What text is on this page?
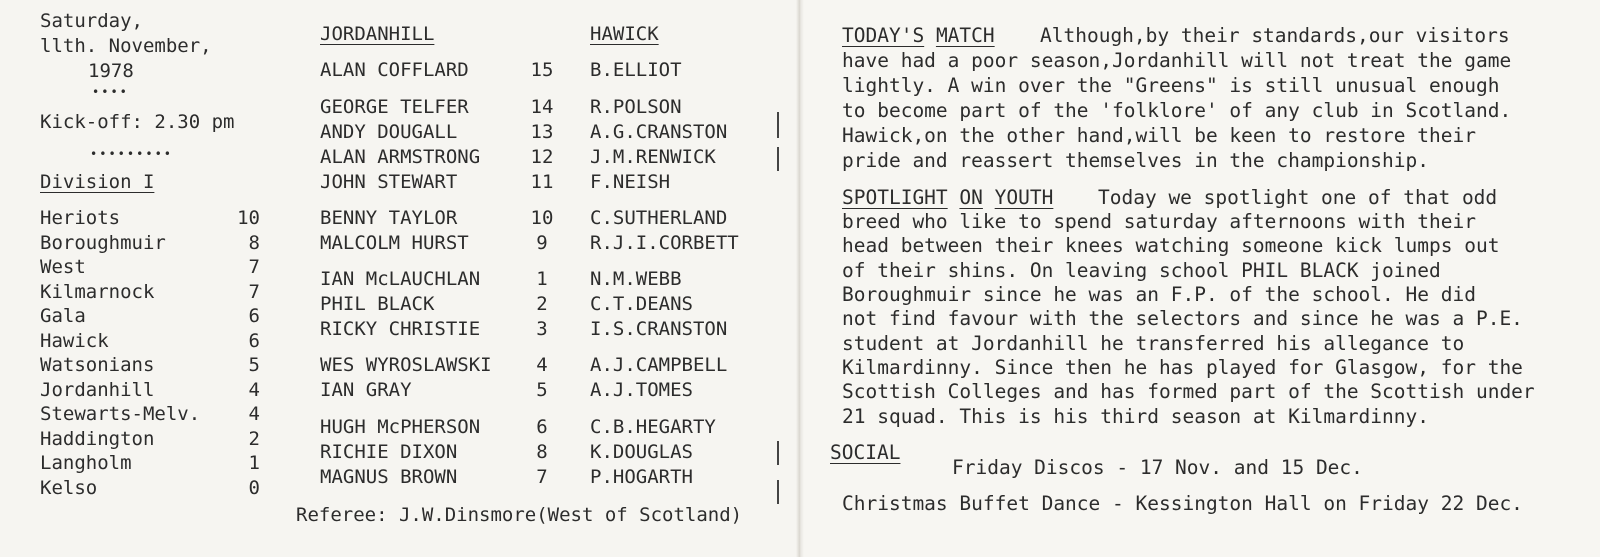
Saturday,
llth. November,
1978
••••
Kick-off: 2.30 pm
•••••••••
Division I
Heriots	10
Boroughmuir	8
West	7
Kilmarnock	7
Gala	6
Hawick	6
Watsonians	5
Jordanhill	4
Stewarts-Melv.	4
Haddington	2
Langholm	1
Kelso	0
JORDANHILL	HAWICK
ALAN COFFLARD	15	B.ELLIOT
GEORGE TELFER	14	R.POLSON
ANDY DOUGALL	13	A.G.CRANSTON
ALAN ARMSTRONG	12	J.M.RENWICK
JOHN STEWART	11	F.NEISH
BENNY TAYLOR	10	C.SUTHERLAND
MALCOLM HURST	9	R.J.I.CORBETT
IAN McLAUCHLAN	1	N.M.WEBB
PHIL BLACK	2	C.T.DEANS
RICKY CHRISTIE	3	I.S.CRANSTON
WES WYROSLAWSKI	4	A.J.CAMPBELL
IAN GRAY	5	A.J.TOMES
HUGH McPHERSON	6	C.B.HEGARTY
RICHIE DIXON	8	K.DOUGLAS
MAGNUS BROWN	7	P.HOGARTH
Referee: J.W.Dinsmore(West of Scotland)
TODAY'S MATCH Although,by their standards,our visitors
have had a poor season,Jordanhill will not treat the game
lightly. A win over the "Greens" is still unusual enough
to become part of the 'folklore' of any club in Scotland.
Hawick,on the other hand,will be keen to restore their
pride and reassert themselves in the championship.
SPOTLIGHT ON YOUTH Today we spotlight one of that odd
breed who like to spend saturday afternoons with their
head between their knees watching someone kick lumps out
of their shins. On leaving school PHIL BLACK joined
Boroughmuir since he was an F.P. of the school. He did
not find favour with the selectors and since he was a P.E.
student at Jordanhill he transferred his allegance to
Kilmardinny. Since then he has played for Glasgow, for the
Scottish Colleges and has formed part of the Scottish under
21 squad. This is his third season at Kilmardinny.
SOCIAL
Friday Discos - 17 Nov. and 15 Dec.
Christmas Buffet Dance - Kessington Hall on Friday 22 Dec.
